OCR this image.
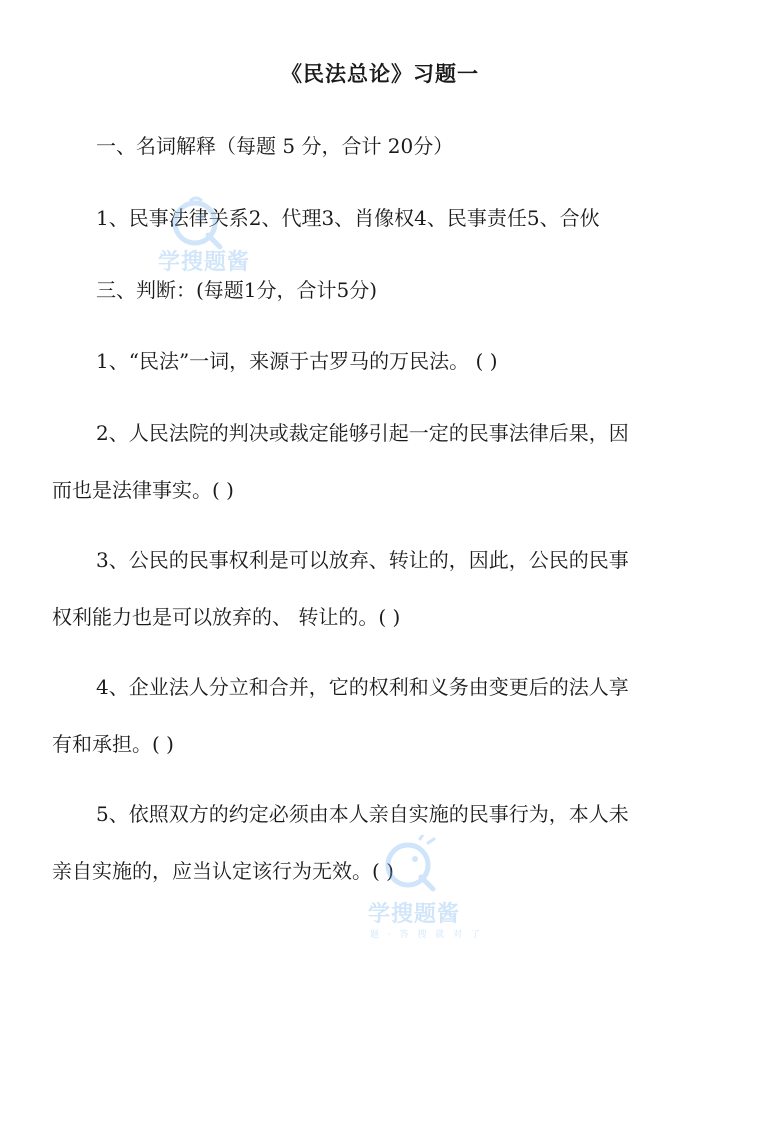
《民法总论》习题一
一、名词解释（每题 5 分，合计 20分）
1、民事法律关系2、代理3、肖像权4、民事责任5、合伙
三、判断：(每题1分，合计5分)
1、“民法”一词，来源于古罗马的万民法。 ( )
2、人民法院的判决或裁定能够引起一定的民事法律后果，因
而也是法律事实。( )
3、公民的民事权利是可以放弃、转让的，因此，公民的民事
权利能力也是可以放弃的、 转让的。( )
4、企业法人分立和合并，它的权利和义务由变更后的法人享
有和承担。( )
5、依照双方的约定必须由本人亲自实施的民事行为，本人未
亲自实施的，应当认定该行为无效。( )
学搜题酱
学搜题酱
题 · 答 搜 就 对 了
